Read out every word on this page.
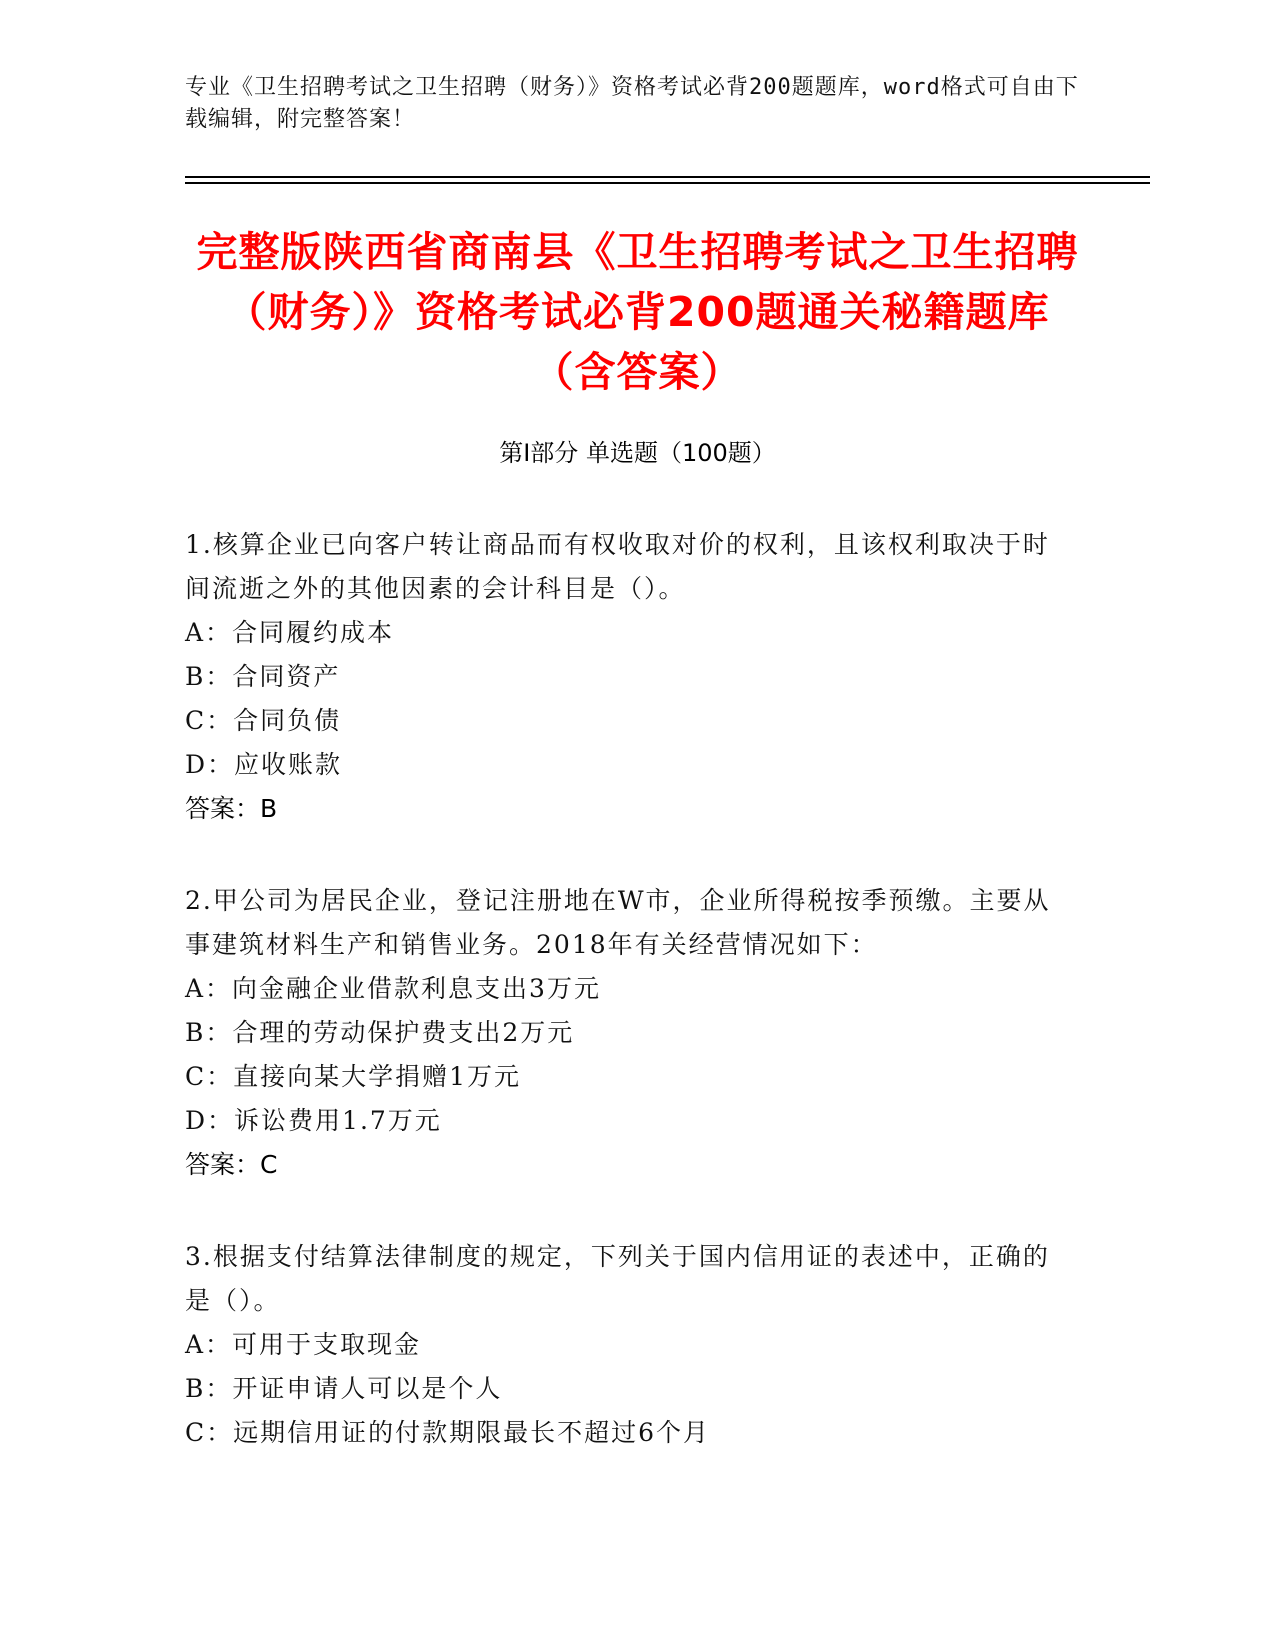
专业《卫生招聘考试之卫生招聘（财务）》资格考试必背200题题库，word格式可自由下载编辑，附完整答案！
完整版陕西省商南县《卫生招聘考试之卫生招聘（财务）》资格考试必背200题通关秘籍题库（含答案）
第Ⅰ部分 单选题（100题）

1.核算企业已向客户转让商品而有权收取对价的权利，且该权利取决于时间流逝之外的其他因素的会计科目是（）。

A：合同履约成本

B：合同资产

C：合同负债

D：应收账款

答案：B

2.甲公司为居民企业，登记注册地在W市，企业所得税按季预缴。主要从事建筑材料生产和销售业务。2018年有关经营情况如下：

A：向金融企业借款利息支出3万元

B：合理的劳动保护费支出2万元

C：直接向某大学捐赠1万元

D：诉讼费用1.7万元

答案：C

3.根据支付结算法律制度的规定，下列关于国内信用证的表述中，正确的是（）。

A：可用于支取现金

B：开证申请人可以是个人

C：远期信用证的付款期限最长不超过6个月
